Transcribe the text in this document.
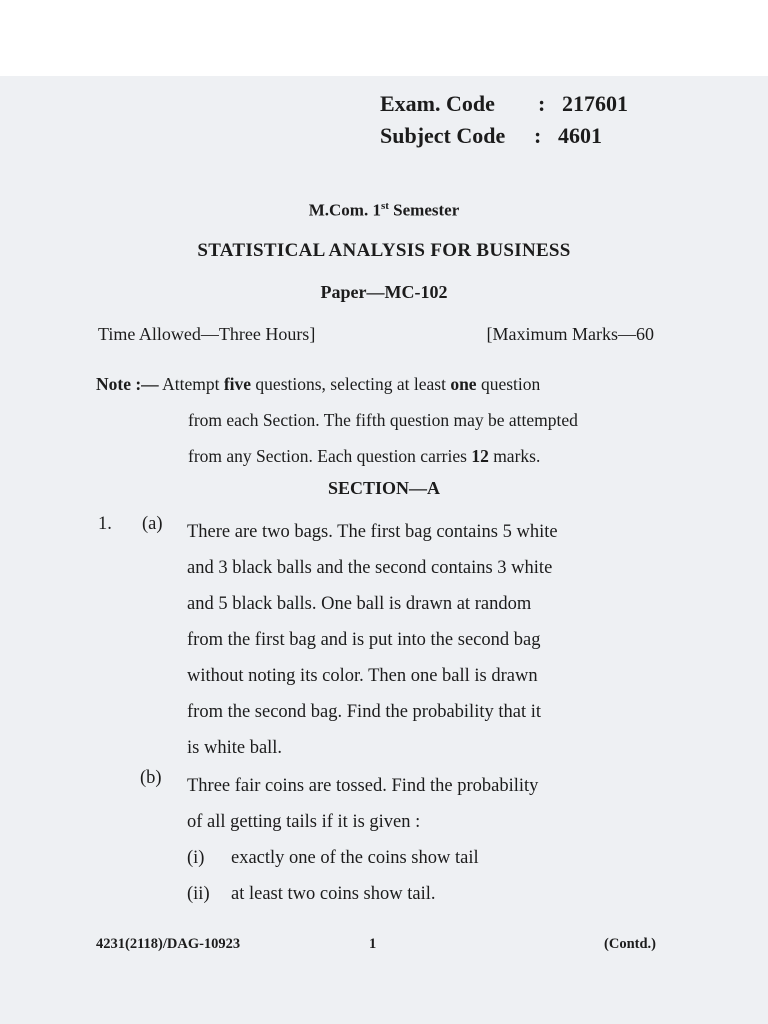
Exam. Code	: 217601
Subject Code	: 4601
M.Com. 1st Semester
STATISTICAL ANALYSIS FOR BUSINESS
Paper—MC-102
Time Allowed—Three Hours]	[Maximum Marks—60
Note :— Attempt five questions, selecting at least one question
from each Section. The fifth question may be attempted
from any Section. Each question carries 12 marks.
SECTION—A
1. (a) There are two bags. The first bag contains 5 white
and 3 black balls and the second contains 3 white
and 5 black balls. One ball is drawn at random
from the first bag and is put into the second bag
without noting its color. Then one ball is drawn
from the second bag. Find the probability that it
is white ball.
(b) Three fair coins are tossed. Find the probability
of all getting tails if it is given :
(i) exactly one of the coins show tail
(ii) at least two coins show tail.
4231(2118)/DAG-10923	1	(Contd.)
